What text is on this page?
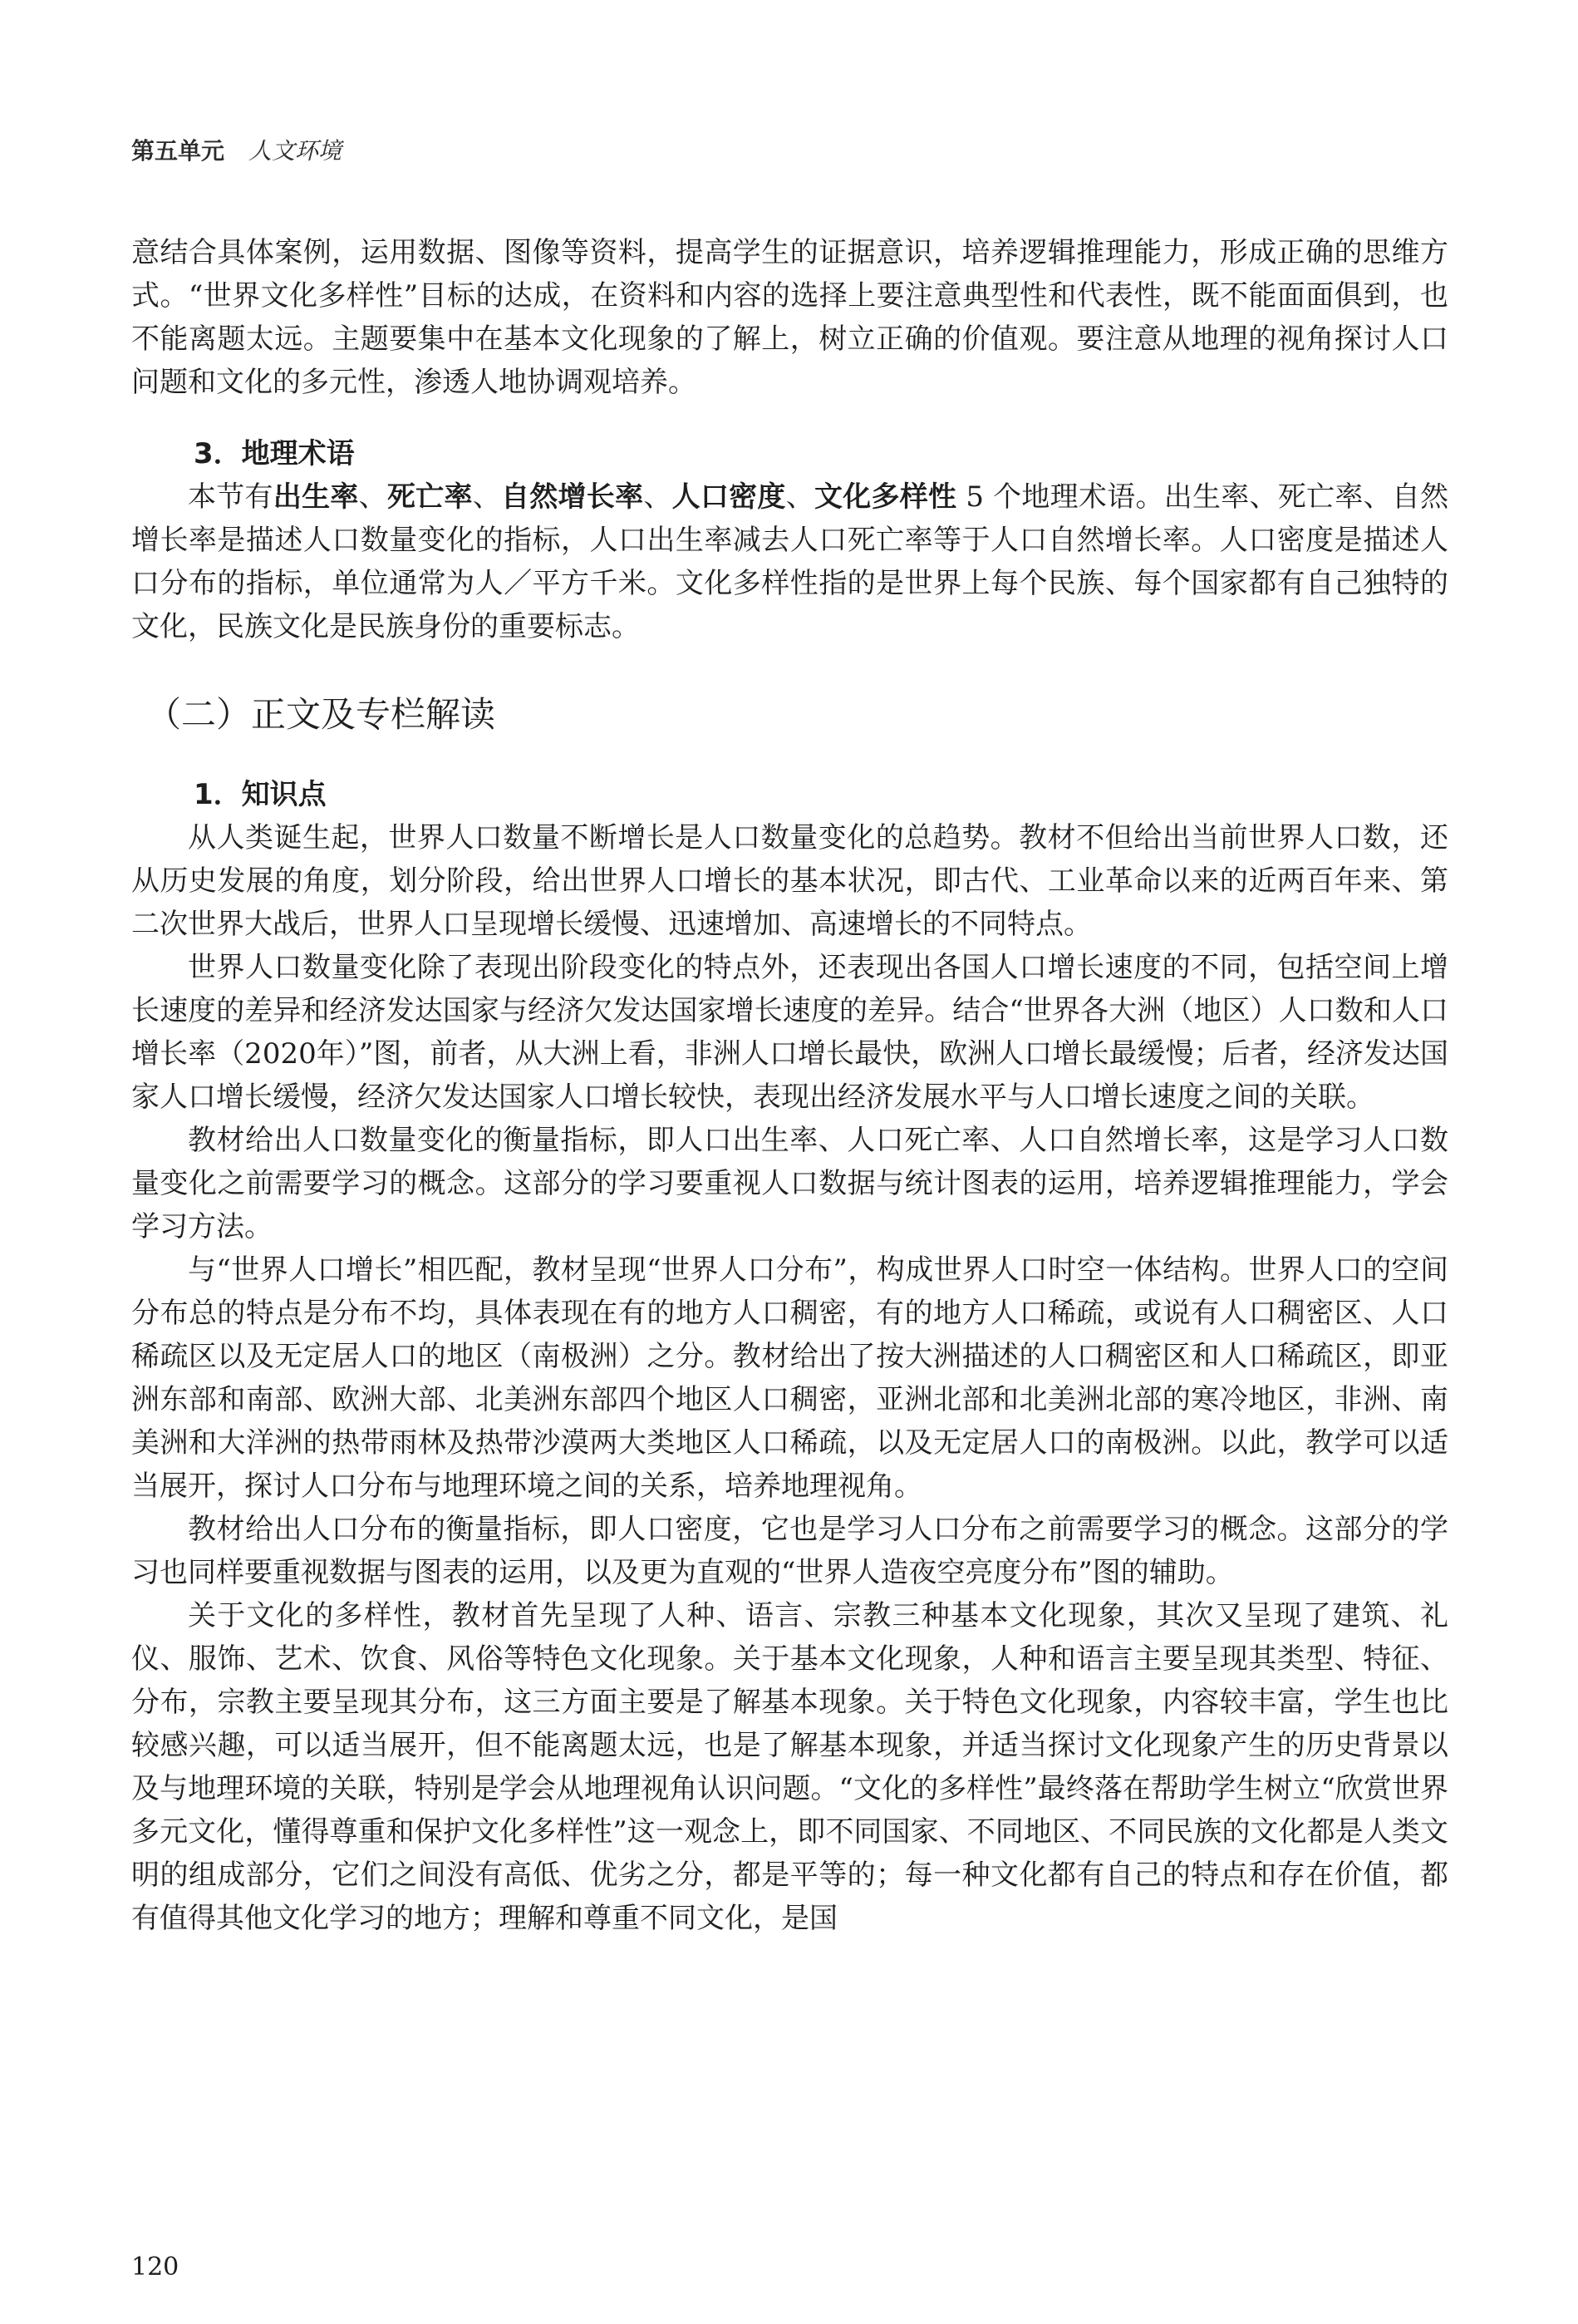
第五单元 人文环境

意结合具体案例，运用数据、图像等资料，提高学生的证据意识，培养逻辑推理能力，形成正确的思维方式。“世界文化多样性”目标的达成，在资料和内容的选择上要注意典型性和代表性，既不能面面俱到，也不能离题太远。主题要集中在基本文化现象的了解上，树立正确的价值观。要注意从地理的视角探讨人口问题和文化的多元性，渗透人地协调观培养。

3．地理术语

本节有出生率、死亡率、自然增长率、人口密度、文化多样性 5 个地理术语。出生率、死亡率、自然增长率是描述人口数量变化的指标，人口出生率减去人口死亡率等于人口自然增长率。人口密度是描述人口分布的指标，单位通常为人／平方千米。文化多样性指的是世界上每个民族、每个国家都有自己独特的文化，民族文化是民族身份的重要标志。

（二）正文及专栏解读

1．知识点

从人类诞生起，世界人口数量不断增长是人口数量变化的总趋势。教材不但给出当前世界人口数，还从历史发展的角度，划分阶段，给出世界人口增长的基本状况，即古代、工业革命以来的近两百年来、第二次世界大战后，世界人口呈现增长缓慢、迅速增加、高速增长的不同特点。

世界人口数量变化除了表现出阶段变化的特点外，还表现出各国人口增长速度的不同，包括空间上增长速度的差异和经济发达国家与经济欠发达国家增长速度的差异。结合“世界各大洲（地区）人口数和人口增长率（2020年）”图，前者，从大洲上看，非洲人口增长最快，欧洲人口增长最缓慢；后者，经济发达国家人口增长缓慢，经济欠发达国家人口增长较快，表现出经济发展水平与人口增长速度之间的关联。

教材给出人口数量变化的衡量指标，即人口出生率、人口死亡率、人口自然增长率，这是学习人口数量变化之前需要学习的概念。这部分的学习要重视人口数据与统计图表的运用，培养逻辑推理能力，学会学习方法。

与“世界人口增长”相匹配，教材呈现“世界人口分布”，构成世界人口时空一体结构。世界人口的空间分布总的特点是分布不均，具体表现在有的地方人口稠密，有的地方人口稀疏，或说有人口稠密区、人口稀疏区以及无定居人口的地区（南极洲）之分。教材给出了按大洲描述的人口稠密区和人口稀疏区，即亚洲东部和南部、欧洲大部、北美洲东部四个地区人口稠密，亚洲北部和北美洲北部的寒冷地区，非洲、南美洲和大洋洲的热带雨林及热带沙漠两大类地区人口稀疏，以及无定居人口的南极洲。以此，教学可以适当展开，探讨人口分布与地理环境之间的关系，培养地理视角。

教材给出人口分布的衡量指标，即人口密度，它也是学习人口分布之前需要学习的概念。这部分的学习也同样要重视数据与图表的运用，以及更为直观的“世界人造夜空亮度分布”图的辅助。

关于文化的多样性，教材首先呈现了人种、语言、宗教三种基本文化现象，其次又呈现了建筑、礼仪、服饰、艺术、饮食、风俗等特色文化现象。关于基本文化现象，人种和语言主要呈现其类型、特征、分布，宗教主要呈现其分布，这三方面主要是了解基本现象。关于特色文化现象，内容较丰富，学生也比较感兴趣，可以适当展开，但不能离题太远，也是了解基本现象，并适当探讨文化现象产生的历史背景以及与地理环境的关联，特别是学会从地理视角认识问题。“文化的多样性”最终落在帮助学生树立“欣赏世界多元文化，懂得尊重和保护文化多样性”这一观念上，即不同国家、不同地区、不同民族的文化都是人类文明的组成部分，它们之间没有高低、优劣之分，都是平等的；每一种文化都有自己的特点和存在价值，都有值得其他文化学习的地方；理解和尊重不同文化，是国

120
